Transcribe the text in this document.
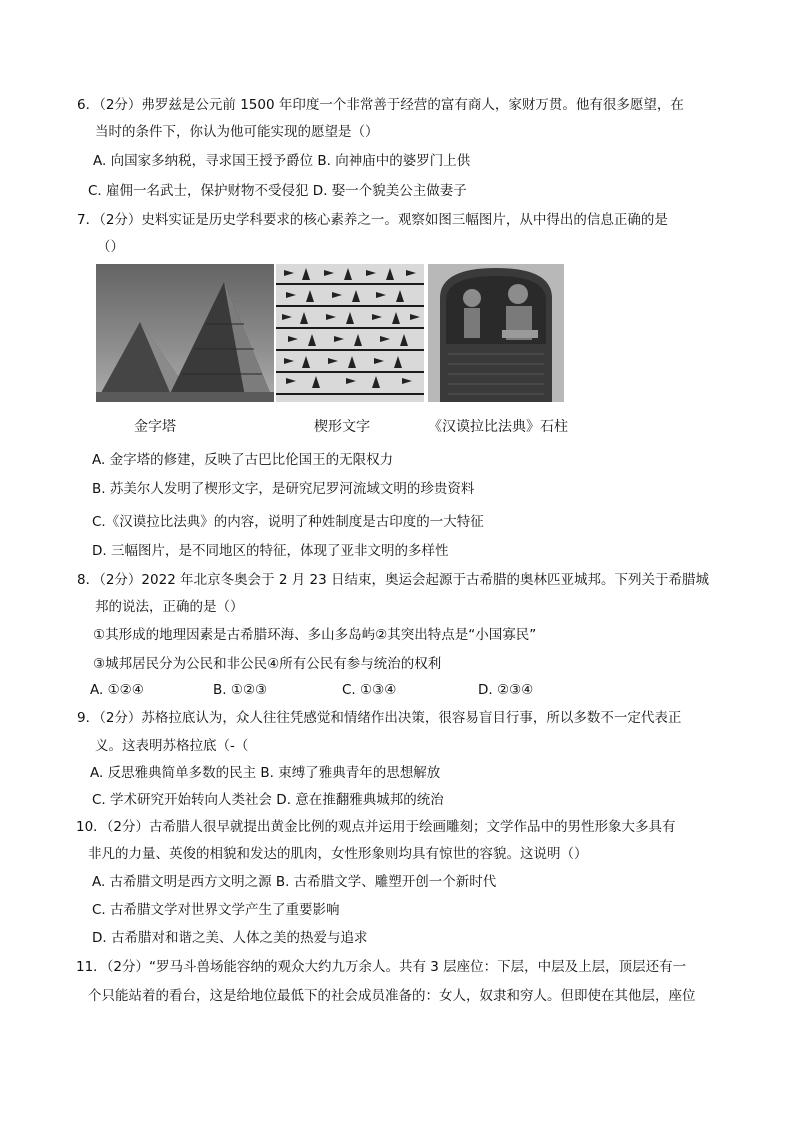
6．（2分）弗罗兹是公元前 1500 年印度一个非常善于经营的富有商人，家财万贯。他有很多愿望，在
当时的条件下，你认为他可能实现的愿望是（）
A. 向国家多纳税，寻求国王授予爵位 B. 向神庙中的婆罗门上供
C. 雇佣一名武士，保护财物不受侵犯 D. 娶一个貌美公主做妻子
7．（2分）史料实证是历史学科要求的核心素养之一。观察如图三幅图片，从中得出的信息正确的是
（）
金字塔	楔形文字	《汉谟拉比法典》石柱
A. 金字塔的修建，反映了古巴比伦国王的无限权力
B. 苏美尔人发明了楔形文字，是研究尼罗河流域文明的珍贵资料
C.《汉谟拉比法典》的内容，说明了种姓制度是古印度的一大特征
D. 三幅图片，是不同地区的特征，体现了亚非文明的多样性
8．（2分）2022 年北京冬奥会于 2 月 23 日结束，奥运会起源于古希腊的奥林匹亚城邦。下列关于希腊城
邦的说法，正确的是（）
①其形成的地理因素是古希腊环海、多山多岛屿②其突出特点是“小国寡民”
③城邦居民分为公民和非公民④所有公民有参与统治的权利
A. ①②④	B. ①②③	C. ①③④	D. ②③④
9．（2分）苏格拉底认为，众人往往凭感觉和情绪作出决策，很容易盲目行事，所以多数不一定代表正
义。这表明苏格拉底（-（
A. 反思雅典简单多数的民主 B. 束缚了雅典青年的思想解放
C. 学术研究开始转向人类社会 D. 意在推翻雅典城邦的统治
10．（2分）古希腊人很早就提出黄金比例的观点并运用于绘画雕刻；文学作品中的男性形象大多具有
非凡的力量、英俊的相貌和发达的肌肉，女性形象则均具有惊世的容貌。这说明（）
A. 古希腊文明是西方文明之源 B. 古希腊文学、雕塑开创一个新时代
C. 古希腊文学对世界文学产生了重要影响
D. 古希腊对和谐之美、人体之美的热爱与追求
11．（2分）“罗马斗兽场能容纳的观众大约九万余人。共有 3 层座位：下层，中层及上层，顶层还有一
个只能站着的看台，这是给地位最低下的社会成员准备的：女人，奴隶和穷人。但即使在其他层，座位
